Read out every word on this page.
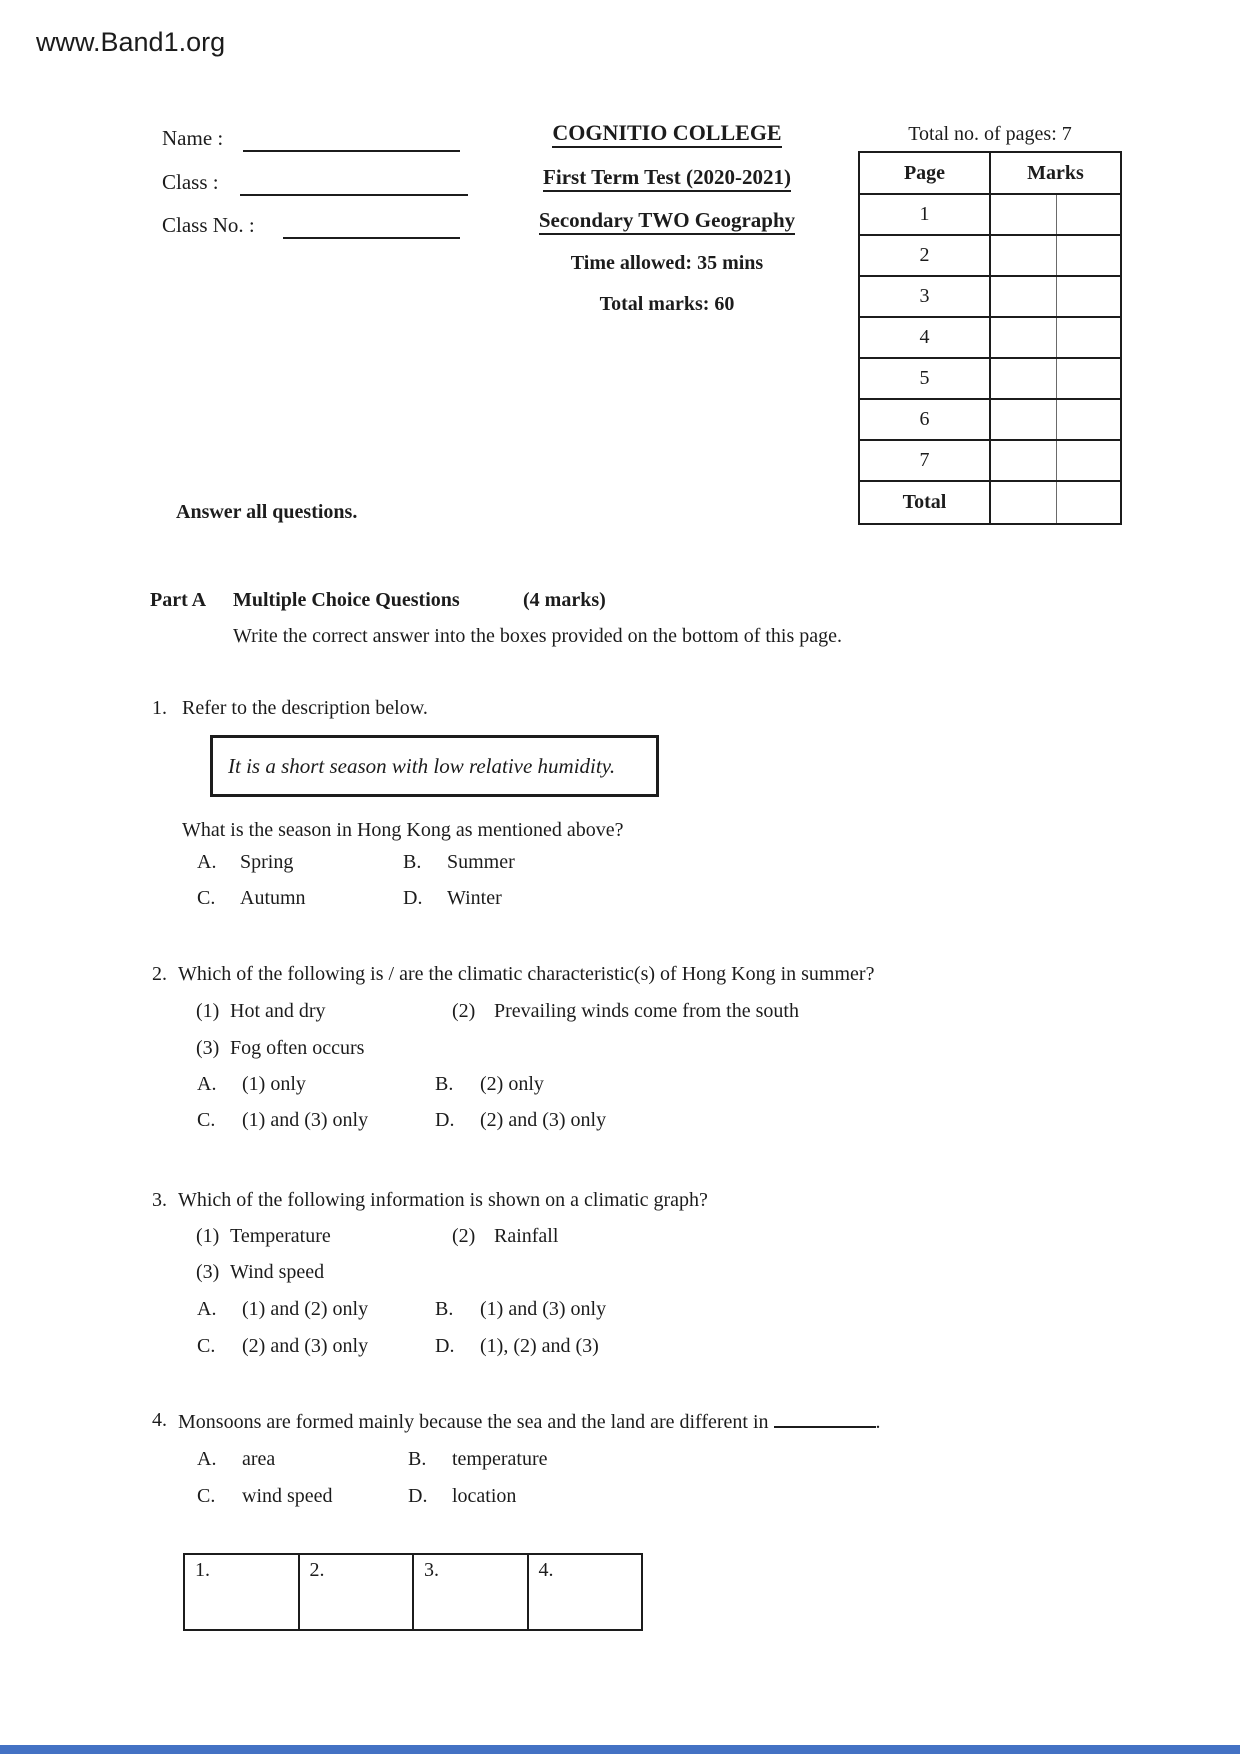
www.Band1.org
Name :
Class :
Class No. :
COGNITIO COLLEGE
First Term Test (2020-2021)
Secondary TWO Geography
Time allowed: 35 mins
Total marks: 60
Total no. of pages: 7
Page	Marks
1	
2	
3	
4	
5	
6	
7	
Total	
Answer all questions.
Part A Multiple Choice Questions	(4 marks)
Write the correct answer into the boxes provided on the bottom of this page.
1. Refer to the description below.
It is a short season with low relative humidity.
What is the season in Hong Kong as mentioned above?
A. Spring	B. Summer
C. Autumn	D. Winter
2. Which of the following is / are the climatic characteristic(s) of Hong Kong in summer?
(1) Hot and dry	(2) Prevailing winds come from the south
(3) Fog often occurs
A. (1) only	B. (2) only
C. (1) and (3) only	D. (2) and (3) only
3. Which of the following information is shown on a climatic graph?
(1) Temperature	(2) Rainfall
(3) Wind speed
A. (1) and (2) only	B. (1) and (3) only
C. (2) and (3) only	D. (1), (2) and (3)
4. Monsoons are formed mainly because the sea and the land are different in	.
A. area	B. temperature
C. wind speed	D. location
1.	2.	3.	4.
